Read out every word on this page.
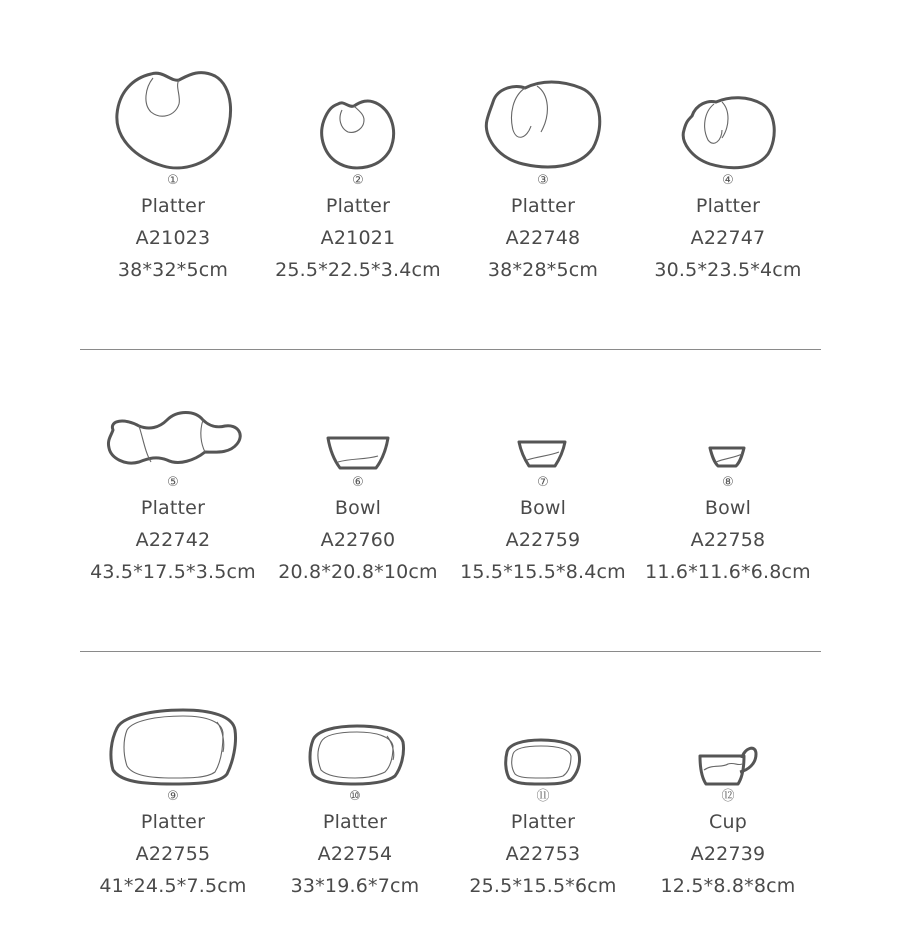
①
Platter
A21023
38*32*5cm
②
Platter
A21021
25.5*22.5*3.4cm
③
Platter
A22748
38*28*5cm
④
Platter
A22747
30.5*23.5*4cm
⑤
Platter
A22742
43.5*17.5*3.5cm
⑥
Bowl
A22760
20.8*20.8*10cm
⑦
Bowl
A22759
15.5*15.5*8.4cm
⑧
Bowl
A22758
11.6*11.6*6.8cm
⑨
Platter
A22755
41*24.5*7.5cm
⑩
Platter
A22754
33*19.6*7cm
⑪
Platter
A22753
25.5*15.5*6cm
⑫
Cup
A22739
12.5*8.8*8cm
